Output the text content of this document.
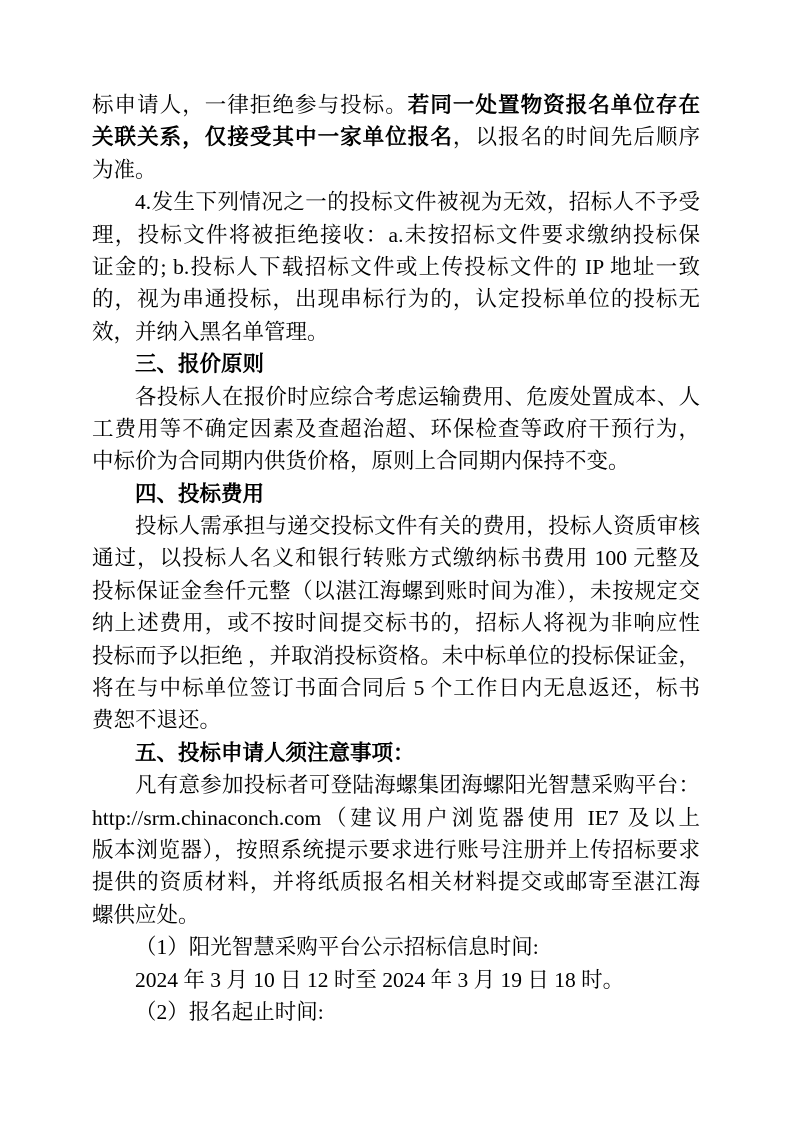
标申请人，一律拒绝参与投标。若同一处置物资报名单位存在
关联关系，仅接受其中一家单位报名，以报名的时间先后顺序
为准。
4.发生下列情况之一的投标文件被视为无效，招标人不予受
理，投标文件将被拒绝接收：a.未按招标文件要求缴纳投标保
证金的; b.投标人下载招标文件或上传投标文件的 IP 地址一致
的，视为串通投标，出现串标行为的，认定投标单位的投标无
效，并纳入黑名单管理。
三、报价原则
各投标人在报价时应综合考虑运输费用、危废处置成本、人
工费用等不确定因素及查超治超、环保检查等政府干预行为，
中标价为合同期内供货价格，原则上合同期内保持不变。
四、投标费用
投标人需承担与递交投标文件有关的费用，投标人资质审核
通过，以投标人名义和银行转账方式缴纳标书费用 100 元整及
投标保证金叁仟元整（以湛江海螺到账时间为准），未按规定交
纳上述费用，或不按时间提交标书的，招标人将视为非响应性
投标而予以拒绝 ，并取消投标资格。未中标单位的投标保证金，
将在与中标单位签订书面合同后 5 个工作日内无息返还，标书
费恕不退还。
五、投标申请人须注意事项：
凡有意参加投标者可登陆海螺集团海螺阳光智慧采购平台：
http://srm.chinaconch.com（建议用户浏览器使用 IE7 及以上
版本浏览器），按照系统提示要求进行账号注册并上传招标要求
提供的资质材料，并将纸质报名相关材料提交或邮寄至湛江海
螺供应处。
（1）阳光智慧采购平台公示招标信息时间:
2024 年 3 月 10 日 12 时至 2024 年 3 月 19 日 18 时。
（2）报名起止时间:
